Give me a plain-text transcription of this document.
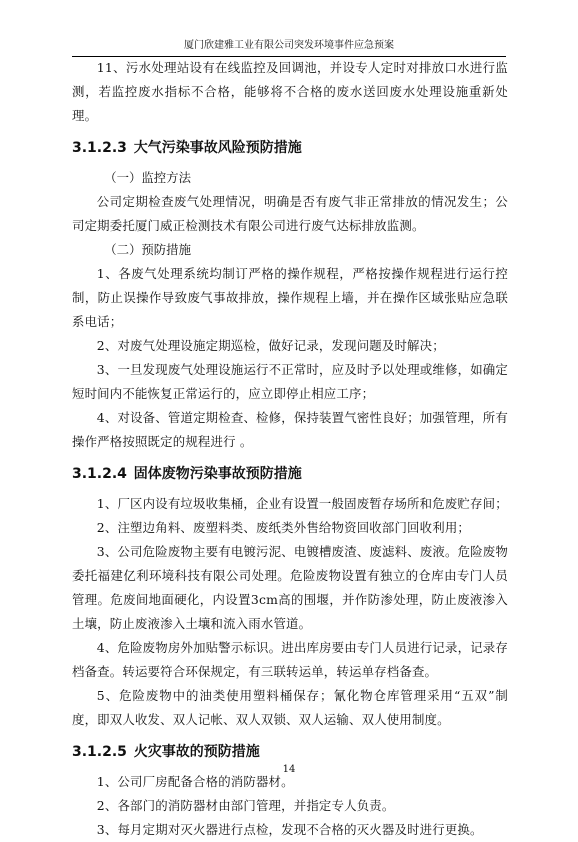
厦门欣建雅工业有限公司突发环境事件应急预案

11、污水处理站设有在线监控及回调池，并设专人定时对排放口水进行监测，若监控废水指标不合格，能够将不合格的废水送回废水处理设施重新处理。

3.1.2.3 大气污染事故风险预防措施

（一）监控方法

公司定期检查废气处理情况，明确是否有废气非正常排放的情况发生；公司定期委托厦门威正检测技术有限公司进行废气达标排放监测。

（二）预防措施

1、各废气处理系统均制订严格的操作规程，严格按操作规程进行运行控制，防止误操作导致废气事故排放，操作规程上墙，并在操作区域张贴应急联系电话；

2、对废气处理设施定期巡检，做好记录，发现问题及时解决；

3、一旦发现废气处理设施运行不正常时，应及时予以处理或维修，如确定短时间内不能恢复正常运行的，应立即停止相应工序；

4、对设备、管道定期检查、检修，保持装置气密性良好；加强管理，所有操作严格按照既定的规程进行 。

3.1.2.4 固体废物污染事故预防措施

1、厂区内设有垃圾收集桶，企业有设置一般固废暂存场所和危废贮存间；

2、注塑边角料、废塑料类、废纸类外售给物资回收部门回收利用；

3、公司危险废物主要有电镀污泥、电镀槽废渣、废滤料、废液。危险废物委托福建亿利环境科技有限公司处理。危险废物设置有独立的仓库由专门人员管理。危废间地面硬化，内设置3cm高的围堰，并作防渗处理，防止废液渗入土壤，防止废液渗入土壤和流入雨水管道。

4、危险废物房外加贴警示标识。进出库房要由专门人员进行记录，记录存档备查。转运要符合环保规定，有三联转运单，转运单存档备查。

5、危险废物中的油类使用塑料桶保存；氰化物仓库管理采用“五双”制度，即双人收发、双人记帐、双人双锁、双人运输、双人使用制度。

3.1.2.5 火灾事故的预防措施

1、公司厂房配备合格的消防器材。

2、各部门的消防器材由部门管理，并指定专人负责。

3、每月定期对灭火器进行点检，发现不合格的灭火器及时进行更换。

14
